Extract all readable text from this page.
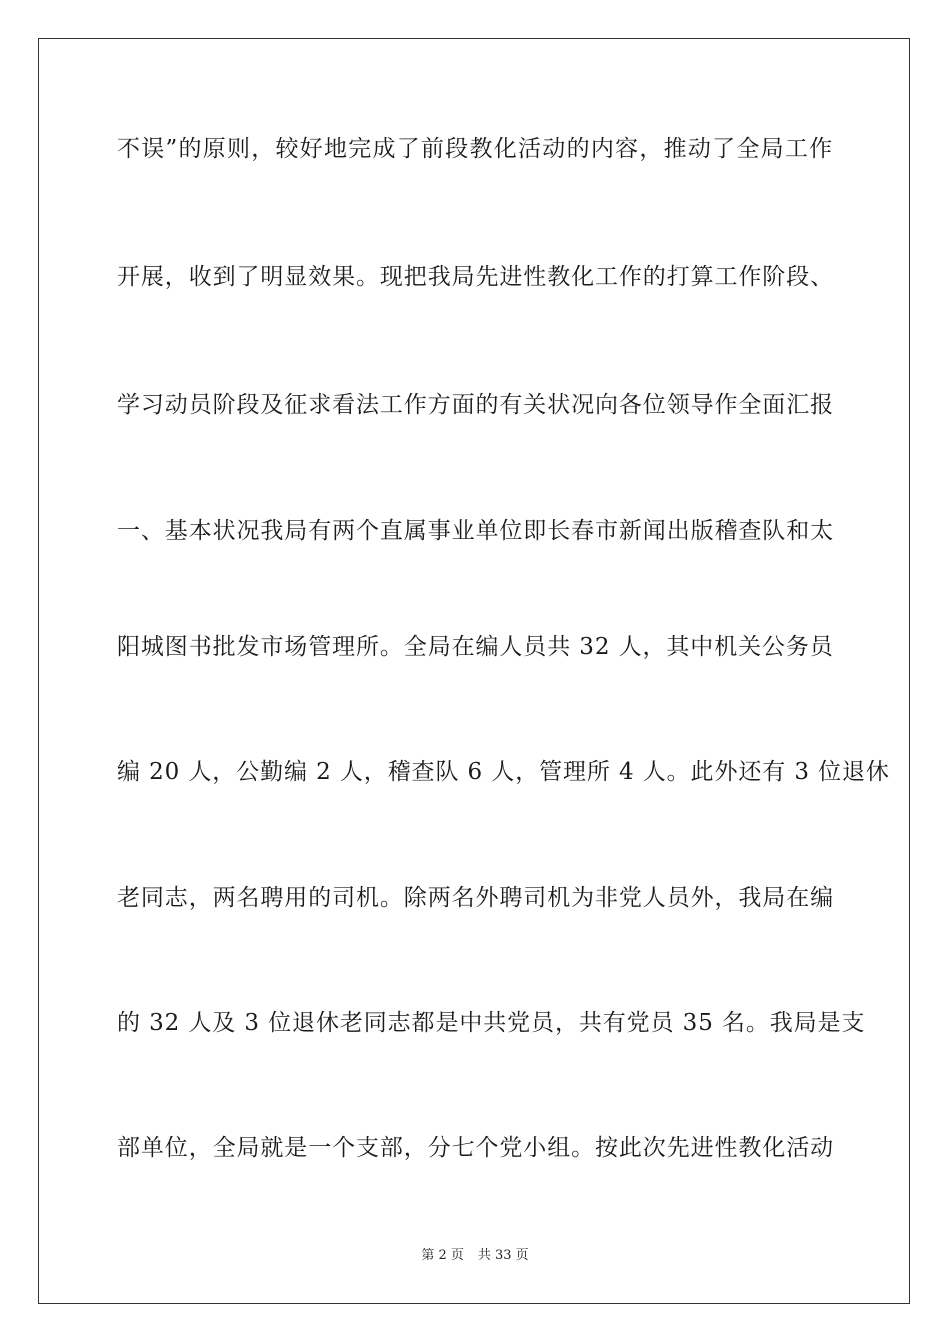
不误”的原则，较好地完成了前段教化活动的内容，推动了全局工作
开展，收到了明显效果。现把我局先进性教化工作的打算工作阶段、
学习动员阶段及征求看法工作方面的有关状况向各位领导作全面汇报
一、基本状况我局有两个直属事业单位即长春市新闻出版稽查队和太
阳城图书批发市场管理所。全局在编人员共 32 人，其中机关公务员
编 20 人，公勤编 2 人，稽查队 6 人，管理所 4 人。此外还有 3 位退休
老同志，两名聘用的司机。除两名外聘司机为非党人员外，我局在编
的 32 人及 3 位退休老同志都是中共党员，共有党员 35 名。我局是支
部单位，全局就是一个支部，分七个党小组。按此次先进性教化活动
第 2 页 共 33 页
